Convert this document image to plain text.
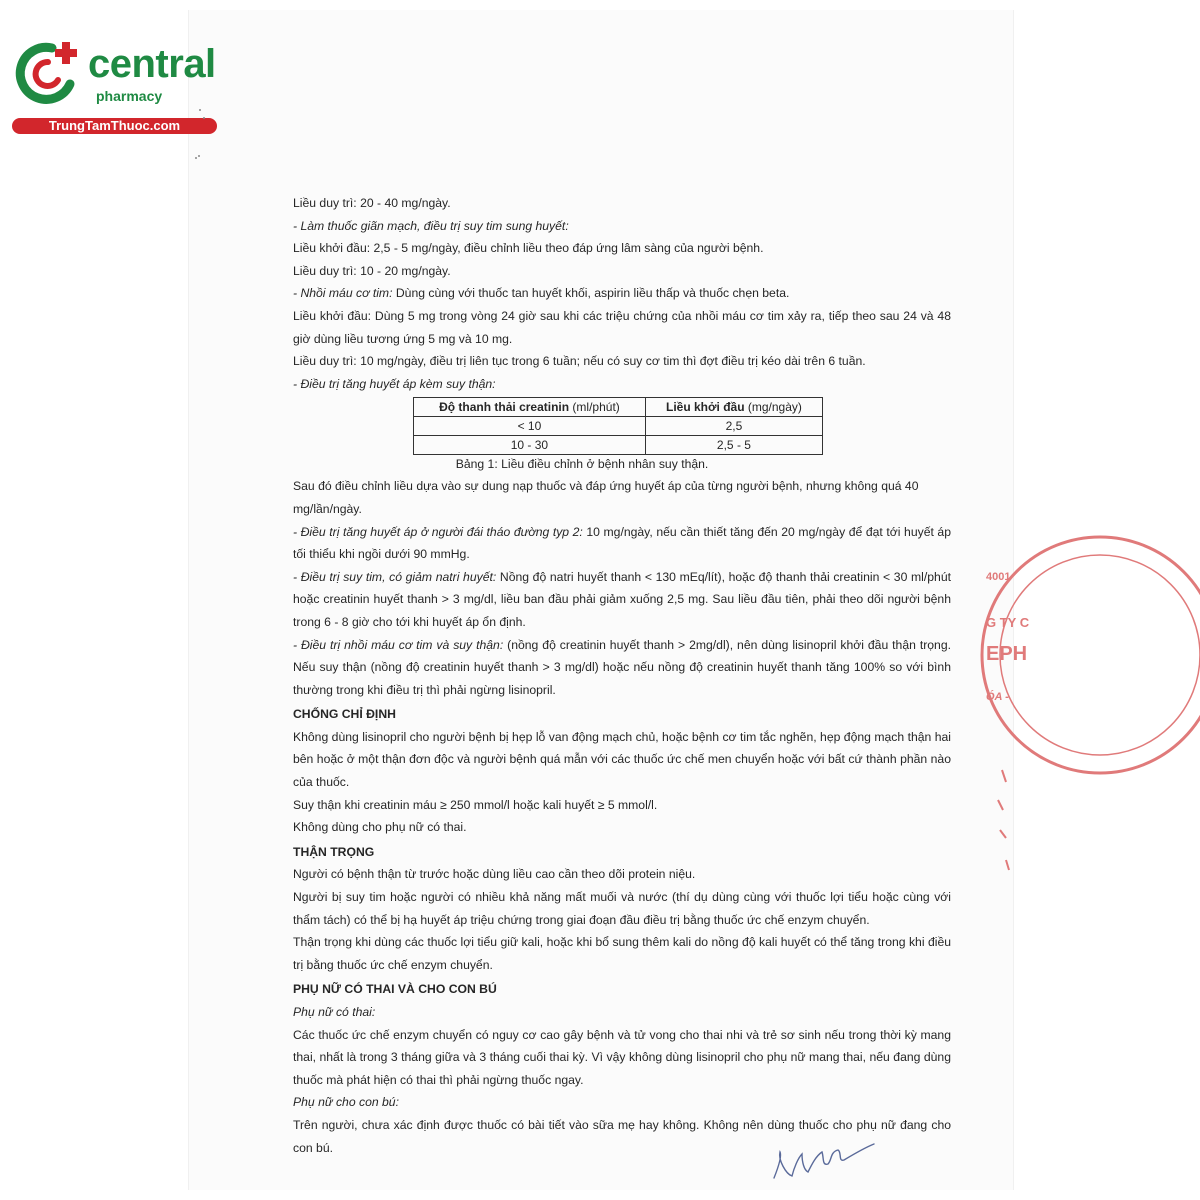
central
pharmacy
TrungTamThuoc.com

Liều duy trì: 20 - 40 mg/ngày.

- Làm thuốc giãn mạch, điều trị suy tim sung huyết:

Liều khởi đầu: 2,5 - 5 mg/ngày, điều chỉnh liều theo đáp ứng lâm sàng của người bệnh.

Liều duy trì: 10 - 20 mg/ngày.

- Nhồi máu cơ tim: Dùng cùng với thuốc tan huyết khối, aspirin liều thấp và thuốc chẹn beta.

Liều khởi đầu: Dùng 5 mg trong vòng 24 giờ sau khi các triệu chứng của nhồi máu cơ tim xảy ra, tiếp theo sau 24 và 48 giờ dùng liều tương ứng 5 mg và 10 mg.

Liều duy trì: 10 mg/ngày, điều trị liên tục trong 6 tuần; nếu có suy cơ tim thì đợt điều trị kéo dài trên 6 tuần.

- Điều trị tăng huyết áp kèm suy thận:

Độ thanh thải creatinin (ml/phút)	Liều khởi đầu (mg/ngày)
< 10	2,5
10 - 30	2,5 - 5

Bảng 1: Liều điều chỉnh ở bệnh nhân suy thận.

Sau đó điều chỉnh liều dựa vào sự dung nạp thuốc và đáp ứng huyết áp của từng người bệnh, nhưng không quá 40 mg/lần/ngày.

- Điều trị tăng huyết áp ở người đái tháo đường typ 2: 10 mg/ngày, nếu cần thiết tăng đến 20 mg/ngày để đạt tới huyết áp tối thiểu khi ngồi dưới 90 mmHg.

- Điều trị suy tim, có giảm natri huyết: Nồng độ natri huyết thanh < 130 mEq/lít), hoặc độ thanh thải creatinin < 30 ml/phút hoặc creatinin huyết thanh > 3 mg/dl, liều ban đầu phải giảm xuống 2,5 mg. Sau liều đầu tiên, phải theo dõi người bệnh trong 6 - 8 giờ cho tới khi huyết áp ổn định.

- Điều trị nhồi máu cơ tim và suy thận: (nồng độ creatinin huyết thanh > 2mg/dl), nên dùng lisinopril khởi đầu thận trọng. Nếu suy thận (nồng độ creatinin huyết thanh > 3 mg/dl) hoặc nếu nồng độ creatinin huyết thanh tăng 100% so với bình thường trong khi điều trị thì phải ngừng lisinopril.

CHỐNG CHỈ ĐỊNH

Không dùng lisinopril cho người bệnh bị hẹp lỗ van động mạch chủ, hoặc bệnh cơ tim tắc nghẽn, hẹp động mạch thận hai bên hoặc ở một thận đơn độc và người bệnh quá mẫn với các thuốc ức chế men chuyển hoặc với bất cứ thành phần nào của thuốc.

Suy thận khi creatinin máu ≥ 250 mmol/l hoặc kali huyết ≥ 5 mmol/l.

Không dùng cho phụ nữ có thai.

THẬN TRỌNG

Người có bệnh thận từ trước hoặc dùng liều cao cần theo dõi protein niệu.

Người bị suy tim hoặc người có nhiều khả năng mất muối và nước (thí dụ dùng cùng với thuốc lợi tiểu hoặc cùng với thẩm tách) có thể bị hạ huyết áp triệu chứng trong giai đoạn đầu điều trị bằng thuốc ức chế enzym chuyển.

Thận trọng khi dùng các thuốc lợi tiểu giữ kali, hoặc khi bổ sung thêm kali do nồng độ kali huyết có thể tăng trong khi điều trị bằng thuốc ức chế enzym chuyển.

PHỤ NỮ CÓ THAI VÀ CHO CON BÚ

Phụ nữ có thai:

Các thuốc ức chế enzym chuyển có nguy cơ cao gây bệnh và tử vong cho thai nhi và trẻ sơ sinh nếu trong thời kỳ mang thai, nhất là trong 3 tháng giữa và 3 tháng cuối thai kỳ. Vì vậy không dùng lisinopril cho phụ nữ mang thai, nếu đang dùng thuốc mà phát hiện có thai thì phải ngừng thuốc ngay.

Phụ nữ cho con bú:

Trên người, chưa xác định được thuốc có bài tiết vào sữa mẹ hay không. Không nên dùng thuốc cho phụ nữ đang cho con bú.

4001
G TY C
EPH
ÓA -
